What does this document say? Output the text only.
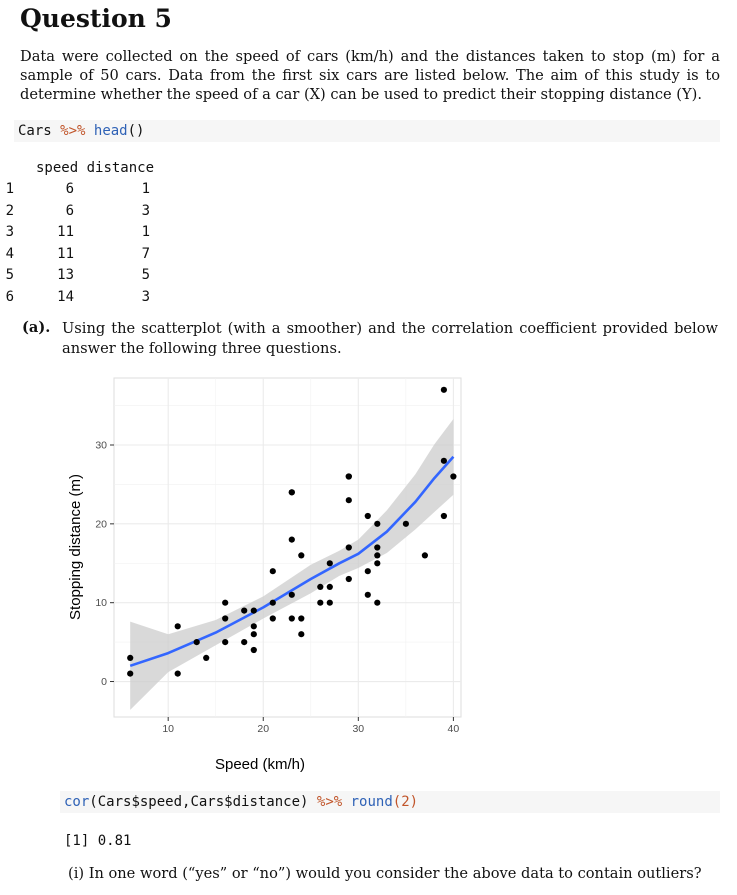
Question 5
Data were collected on the speed of cars (km/h) and the distances taken to stop (m) for a sample of 50 cars. Data from the first six cars are listed below. The aim of this study is to determine whether the speed of a car (X) can be used to predict their stopping distance (Y).
Cars %>% head()
speed distance
1	6	1
2	6	3
3	11	1
4	11	7
5	13	5
6	14	3
(a). Using the scatterplot (with a smoother) and the correlation coefficient provided below answer the following three questions.
10	20	30	40
0
10
20
30
Speed (km/h)
Stopping distance (m)
cor(Cars$speed,Cars$distance) %>% round(2)
[1] 0.81
(i) In one word (“yes” or “no”) would you consider the above data to contain outliers?
